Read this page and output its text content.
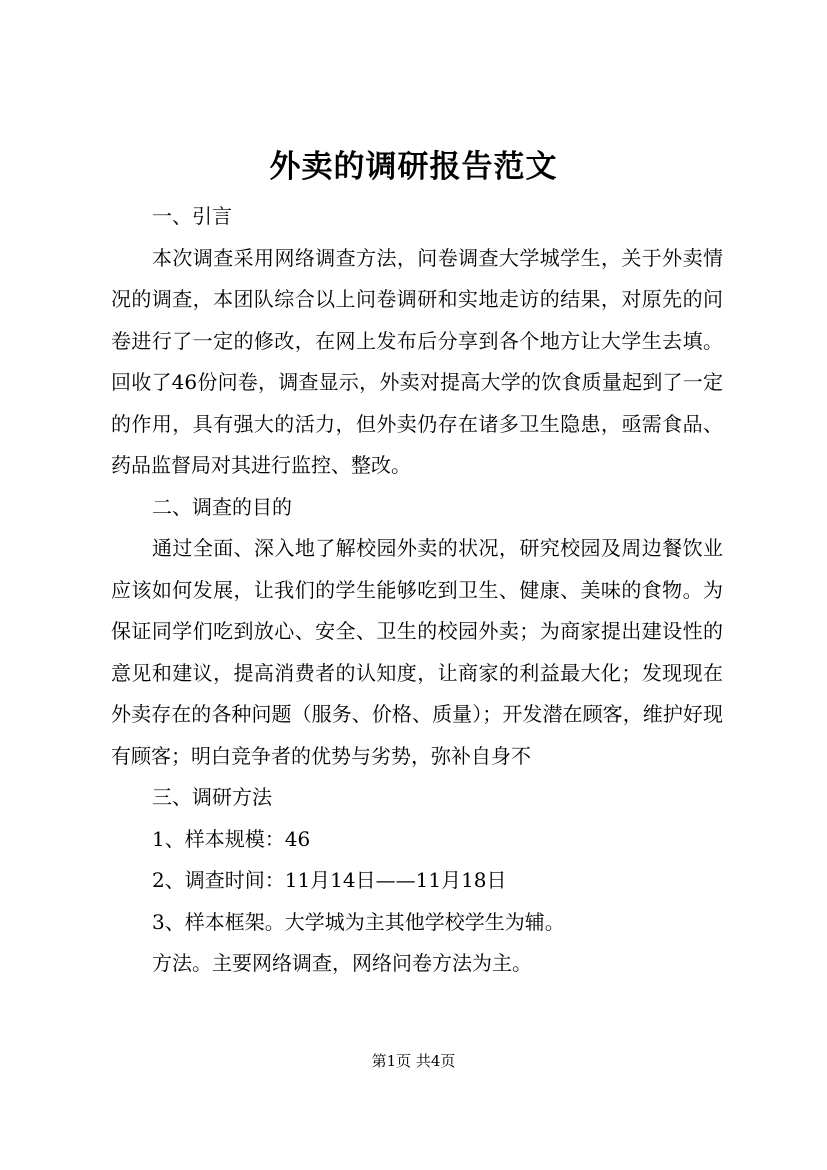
外卖的调研报告范文

一、引言

本次调查采用网络调查方法，问卷调查大学城学生，关于外卖情况的调查，本团队综合以上问卷调研和实地走访的结果，对原先的问卷进行了一定的修改，在网上发布后分享到各个地方让大学生去填。回收了46份问卷，调查显示，外卖对提高大学的饮食质量起到了一定的作用，具有强大的活力，但外卖仍存在诸多卫生隐患，亟需食品、药品监督局对其进行监控、整改。

二、调查的目的

通过全面、深入地了解校园外卖的状况，研究校园及周边餐饮业应该如何发展，让我们的学生能够吃到卫生、健康、美味的食物。为保证同学们吃到放心、安全、卫生的校园外卖；为商家提出建设性的意见和建议，提高消费者的认知度，让商家的利益最大化；发现现在外卖存在的各种问题（服务、价格、质量）；开发潜在顾客，维护好现有顾客；明白竞争者的优势与劣势，弥补自身不

三、调研方法

1、样本规模：46

2、调查时间：11月14日——11月18日

3、样本框架。大学城为主其他学校学生为辅。

方法。主要网络调查，网络问卷方法为主。

第1页 共4页
